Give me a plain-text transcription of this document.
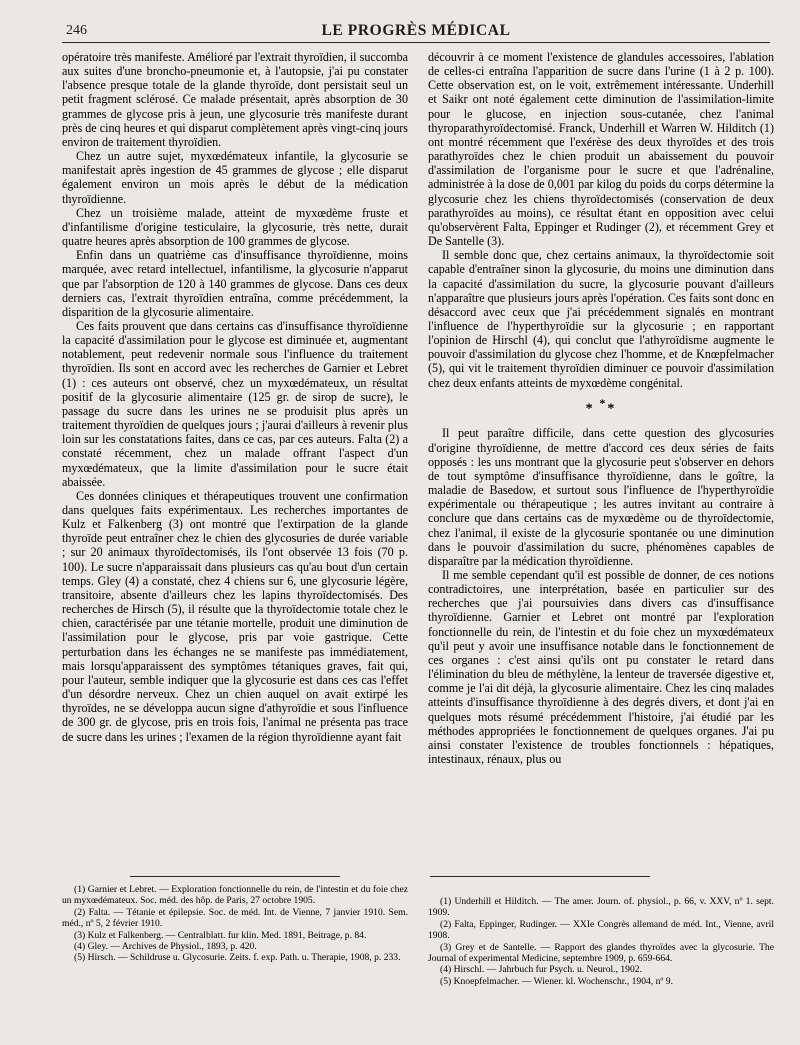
246	LE PROGRÈS MÉDICAL

opératoire très manifeste. Amélioré par l'extrait thyroïdien, il succomba aux suites d'une broncho-pneumonie et, à l'autopsie, j'ai pu constater l'absence presque totale de la glande thyroïde, dont persistait seul un petit fragment sclérosé. Ce malade présentait, après absorption de 30 grammes de glycose pris à jeun, une glycosurie très manifeste durant près de cinq heures et qui disparut complètement après vingt-cinq jours environ de traitement thyroïdien.

Chez un autre sujet, myxœdémateux infantile, la glycosurie se manifestait après ingestion de 45 grammes de glycose ; elle disparut également environ un mois après le début de la médication thyroïdienne.

Chez un troisième malade, atteint de myxœdème fruste et d'infantilisme d'origine testiculaire, la glycosurie, très nette, durait quatre heures après absorption de 100 grammes de glycose.

Enfin dans un quatrième cas d'insuffisance thyroïdienne, moins marquée, avec retard intellectuel, infantilisme, la glycosurie n'apparut que par l'absorption de 120 à 140 grammes de glycose. Dans ces deux derniers cas, l'extrait thyroïdien entraîna, comme précédemment, la disparition de la glycosurie alimentaire.

Ces faits prouvent que dans certains cas d'insuffisance thyroïdienne la capacité d'assimilation pour le glycose est diminuée et, augmentant notablement, peut redevenir normale sous l'influence du traitement thyroïdien. Ils sont en accord avec les recherches de Garnier et Lebret (1) : ces auteurs ont observé, chez un myxœdémateux, un résultat positif de la glycosurie alimentaire (125 gr. de sirop de sucre), le passage du sucre dans les urines ne se produisit plus après un traitement thyroïdien de quelques jours ; j'aurai d'ailleurs à revenir plus loin sur les constatations faites, dans ce cas, par ces auteurs. Falta (2) a constaté récemment, chez un malade offrant l'aspect d'un myxœdémateux, que la limite d'assimilation pour le sucre était abaissée.

Ces données cliniques et thérapeutiques trouvent une confirmation dans quelques faits expérimentaux. Les recherches importantes de Kulz et Falkenberg (3) ont montré que l'extirpation de la glande thyroïde peut entraîner chez le chien des glycosuries de durée variable ; sur 20 animaux thyroïdectomisés, ils l'ont observée 13 fois (70 p. 100). Le sucre n'apparaissait dans plusieurs cas qu'au bout d'un certain temps. Gley (4) a constaté, chez 4 chiens sur 6, une glycosurie légère, transitoire, absente d'ailleurs chez les lapins thyroïdectomisés. Des recherches de Hirsch (5), il résulte que la thyroïdectomie totale chez le chien, caractérisée par une tétanie mortelle, produit une diminution de l'assimilation pour le glycose, pris par voie gastrique. Cette perturbation dans les échanges ne se manifeste pas immédiatement, mais lorsqu'apparaissent des symptômes tétaniques graves, fait qui, pour l'auteur, semble indiquer que la glycosurie est dans ces cas l'effet d'un désordre nerveux. Chez un chien auquel on avait extirpé les thyroïdes, ne se développa aucun signe d'athyroïdie et sous l'influence de 300 gr. de glycose, pris en trois fois, l'animal ne présenta pas trace de sucre dans les urines ; l'examen de la région thyroïdienne ayant fait

découvrir à ce moment l'existence de glandules accessoires, l'ablation de celles-ci entraîna l'apparition de sucre dans l'urine (1 à 2 p. 100). Cette observation est, on le voit, extrêmement intéressante. Underhill et Saikr ont noté également cette diminution de l'assimilation-limite pour le glucose, en injection sous-cutanée, chez l'animal thyroparathyroïdectomisé. Franck, Underhill et Warren W. Hilditch (1) ont montré récemment que l'exérèse des deux thyroïdes et des trois parathyroïdes chez le chien produit un abaissement du pouvoir d'assimilation de l'organisme pour le sucre et que l'adrénaline, administrée à la dose de 0,001 par kilog du poids du corps détermine la glycosurie chez les chiens thyroïdectomisés (conservation de deux parathyroïdes au moins), ce résultat étant en opposition avec celui qu'observèrent Falta, Eppinger et Rudinger (2), et récemment Grey et De Santelle (3).

Il semble donc que, chez certains animaux, la thyroïdectomie soit capable d'entraîner sinon la glycosurie, du moins une diminution dans la capacité d'assimilation du sucre, la glycosurie pouvant d'ailleurs n'apparaître que plusieurs jours après l'opération. Ces faits sont donc en désaccord avec ceux que j'ai précédemment signalés en montrant l'influence de l'hyperthyroïdie sur la glycosurie ; en rapportant l'opinion de Hirschl (4), qui conclut que l'athyroïdisme augmente le pouvoir d'assimilation du glycose chez l'homme, et de Knœpfelmacher (5), qui vit le traitement thyroïdien diminuer ce pouvoir d'assimilation chez deux enfants atteints de myxœdème congénital.

* **

Il peut paraître difficile, dans cette question des glycosuries d'origine thyroïdienne, de mettre d'accord ces deux séries de faits opposés : les uns montrant que la glycosurie peut s'observer en dehors de tout symptôme d'insuffisance thyroïdienne, dans le goître, la maladie de Basedow, et surtout sous l'influence de l'hyperthyroïdie expérimentale ou thérapeutique ; les autres invitant au contraire à conclure que dans certains cas de myxœdème ou de thyroïdectomie, chez l'animal, il existe de la glycosurie spontanée ou une diminution dans le pouvoir d'assimilation du sucre, phénomènes capables de disparaître par la médication thyroïdienne.

Il me semble cependant qu'il est possible de donner, de ces notions contradictoires, une interprétation, basée en particulier sur des recherches que j'ai poursuivies dans divers cas d'insuffisance thyroïdienne. Garnier et Lebret ont montré par l'exploration fonctionnelle du rein, de l'intestin et du foie chez un myxœdémateux qu'il peut y avoir une insuffisance notable dans le fonctionnement de ces organes : c'est ainsi qu'ils ont pu constater le retard dans l'élimination du bleu de méthylène, la lenteur de traversée digestive et, comme je l'ai dit déjà, la glycosurie alimentaire. Chez les cinq malades atteints d'insuffisance thyroïdienne à des degrés divers, et dont j'ai en quelques mots résumé précédemment l'histoire, j'ai étudié par les méthodes appropriées le fonctionnement de quelques organes. J'ai pu ainsi constater l'existence de troubles fonctionnels : hépatiques, intestinaux, rénaux, plus ou

(1) Garnier et Lebret. — Exploration fonctionnelle du rein, de l'intestin et du foie chez un myxœdémateux. Soc. méd. des hôp. de Paris, 27 octobre 1905.

(2) Falta. — Tétanie et épilepsie. Soc. de méd. Int. de Vienne, 7 janvier 1910. Sem. méd., nº 5, 2 février 1910.

(3) Kulz et Falkenberg. — Centralblatt. fur klin. Med. 1891, Beitrage, p. 84.

(4) Gley. — Archives de Physiol., 1893, p. 420.

(5) Hirsch. — Schildruse u. Glycosurie. Zeits. f. exp. Path. u. Therapie, 1908, p. 233.

(1) Underhill et Hilditch. — The amer. Journ. of. physiol., p. 66, v. XXV, nº 1. sept. 1909.

(2) Falta, Eppinger, Rudinger. — XXIe Congrès allemand de méd. Int., Vienne, avril 1908.

(3) Grey et de Santelle. — Rapport des glandes thyroïdes avec la glycosurie. The Journal of experimental Medicine, septembre 1909, p. 659-664.

(4) Hirschl. — Jahrbuch fur Psych. u. Neurol., 1902.

(5) Knoepfelmacher. — Wiener. kl. Wochenschr., 1904, nº 9.
